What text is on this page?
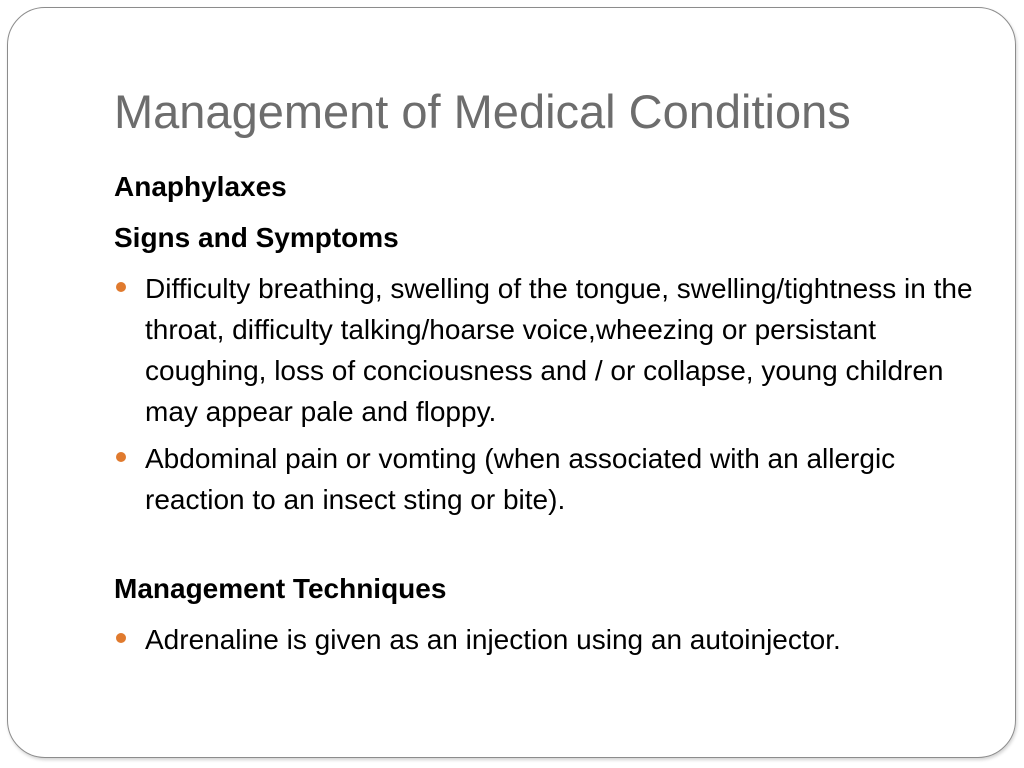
Management of Medical Conditions
Anaphylaxes
Signs and Symptoms
Difficulty breathing, swelling of the tongue, swelling/tightness in the throat, difficulty talking/hoarse voice,wheezing or persistant coughing, loss of conciousness and / or collapse, young children may appear pale and floppy.
Abdominal pain or vomting (when associated with an allergic reaction to an insect sting or bite).
Management Techniques
Adrenaline is given as an injection using an autoinjector.
